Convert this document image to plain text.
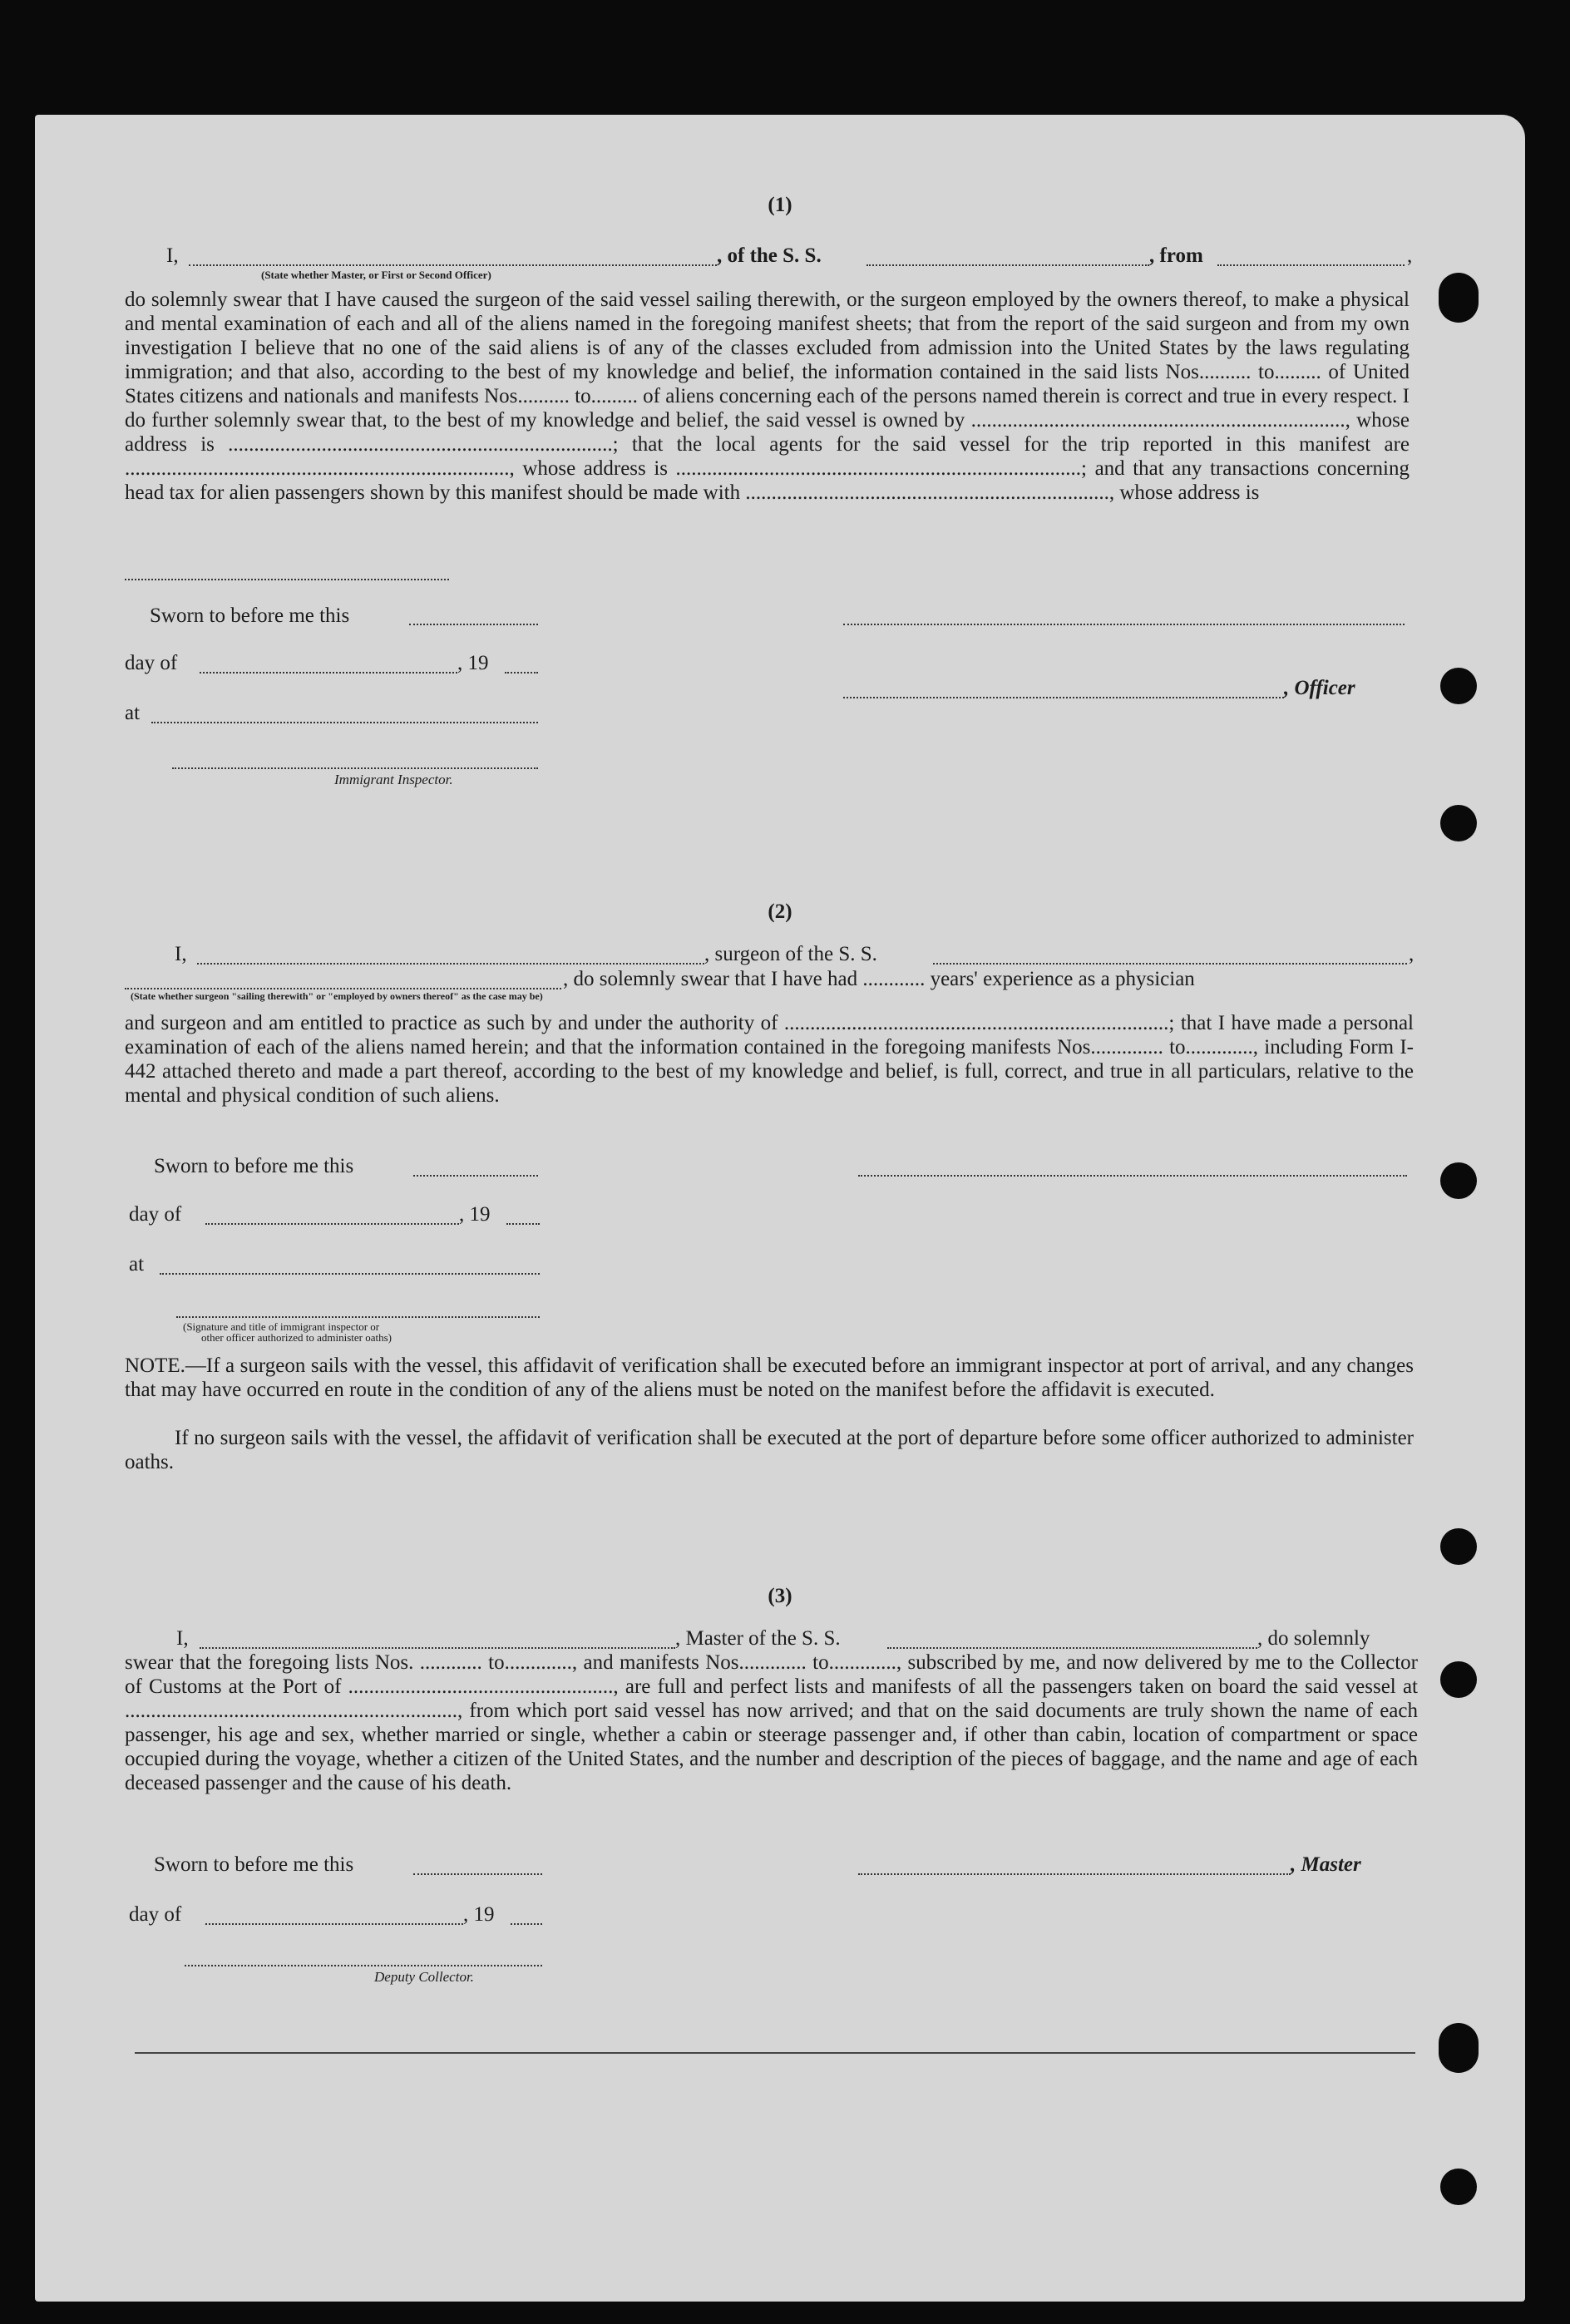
(1)
I,	, of the S. S.	, from	,
(State whether Master, or First or Second Officer)
do solemnly swear that I have caused the surgeon of the said vessel sailing therewith, or the surgeon employed by the owners thereof, to make a physical and mental examination of each and all of the aliens named in the foregoing manifest sheets; that from the report of the said surgeon and from my own investigation I believe that no one of the said aliens is of any of the classes excluded from admission into the United States by the laws regulating immigration; and that also, according to the best of my knowledge and belief, the information contained in the said lists Nos.......... to......... of United States citizens and nationals and manifests Nos.......... to......... of aliens concerning each of the persons named therein is correct and true in every respect. I do further solemnly swear that, to the best of my knowledge and belief, the said vessel is owned by ........................................................................, whose address is ..........................................................................; that the local agents for the said vessel for the trip reported in this manifest are .........................................................................., whose address is ..............................................................................; and that any transactions concerning head tax for alien passengers shown by this manifest should be made with ......................................................................, whose address is
Sworn to before me this
day of	, 19
, Officer
at
Immigrant Inspector.
(2)
I,	, surgeon of the S. S.	,
, do solemnly swear that I have had ............ years' experience as a physician
(State whether surgeon "sailing therewith" or "employed by owners thereof" as the case may be)
and surgeon and am entitled to practice as such by and under the authority of ..........................................................................; that I have made a personal examination of each of the aliens named herein; and that the information contained in the foregoing manifests Nos.............. to............., including Form I-442 attached thereto and made a part thereof, according to the best of my knowledge and belief, is full, correct, and true in all particulars, relative to the mental and physical condition of such aliens.
Sworn to before me this
day of	, 19
at
(Signature and title of immigrant inspector or
other officer authorized to administer oaths)
NOTE.—If a surgeon sails with the vessel, this affidavit of verification shall be executed before an immigrant inspector at port of arrival, and any changes that may have occurred en route in the condition of any of the aliens must be noted on the manifest before the affidavit is executed.
If no surgeon sails with the vessel, the affidavit of verification shall be executed at the port of departure before some officer authorized to administer oaths.
(3)
I,	, Master of the S. S.	, do solemnly
swear that the foregoing lists Nos. ............ to............., and manifests Nos............. to............., subscribed by me, and now delivered by me to the Collector of Customs at the Port of ..................................................., are full and perfect lists and manifests of all the passengers taken on board the said vessel at ................................................................, from which port said vessel has now arrived; and that on the said documents are truly shown the name of each passenger, his age and sex, whether married or single, whether a cabin or steerage passenger and, if other than cabin, location of compartment or space occupied during the voyage, whether a citizen of the United States, and the number and description of the pieces of baggage, and the name and age of each deceased passenger and the cause of his death.
Sworn to before me this	, Master
day of	, 19
Deputy Collector.
